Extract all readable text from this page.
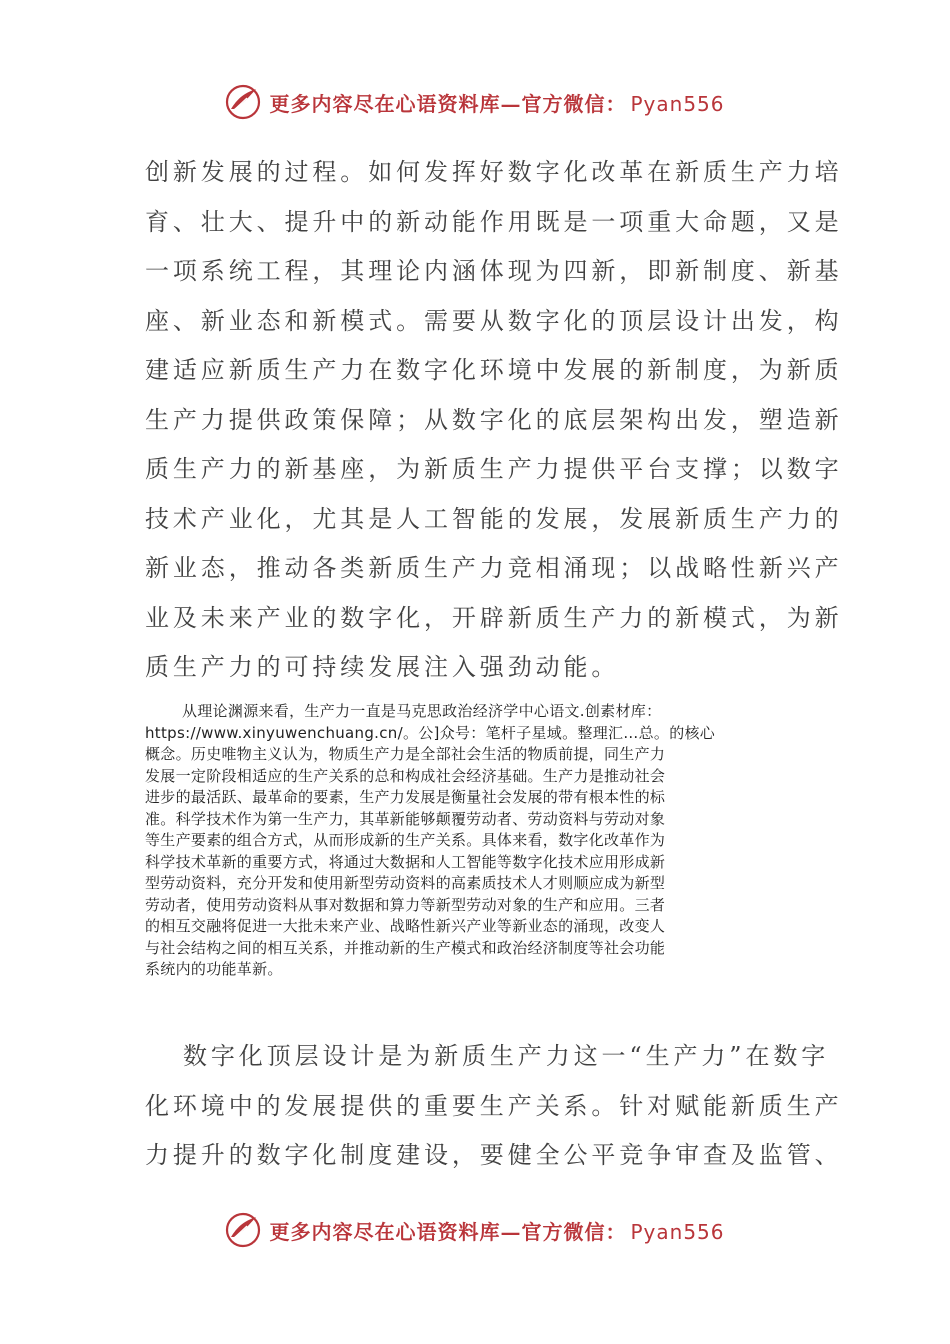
更多内容尽在心语资料库—官方微信： Pyan556
创新发展的过程。如何发挥好数字化改革在新质生产力培
育、壮大、提升中的新动能作用既是一项重大命题，又是
一项系统工程，其理论内涵体现为四新，即新制度、新基
座、新业态和新模式。需要从数字化的顶层设计出发，构
建适应新质生产力在数字化环境中发展的新制度，为新质
生产力提供政策保障；从数字化的底层架构出发，塑造新
质生产力的新基座，为新质生产力提供平台支撑；以数字
技术产业化，尤其是人工智能的发展，发展新质生产力的
新业态，推动各类新质生产力竞相涌现；以战略性新兴产
业及未来产业的数字化，开辟新质生产力的新模式，为新
质生产力的可持续发展注入强劲动能。
从理论渊源来看，生产力一直是马克思政治经济学中心语文.创素材库：
https://www.xinyuwenchuang.cn/。公]众号：笔杆子星域。整理汇…总。的核心
概念。历史唯物主义认为，物质生产力是全部社会生活的物质前提，同生产力
发展一定阶段相适应的生产关系的总和构成社会经济基础。生产力是推动社会
进步的最活跃、最革命的要素，生产力发展是衡量社会发展的带有根本性的标
准。科学技术作为第一生产力，其革新能够颠覆劳动者、劳动资料与劳动对象
等生产要素的组合方式，从而形成新的生产关系。具体来看，数字化改革作为
科学技术革新的重要方式，将通过大数据和人工智能等数字化技术应用形成新
型劳动资料，充分开发和使用新型劳动资料的高素质技术人才则顺应成为新型
劳动者，使用劳动资料从事对数据和算力等新型劳动对象的生产和应用。三者
的相互交融将促进一大批未来产业、战略性新兴产业等新业态的涌现，改变人
与社会结构之间的相互关系，并推动新的生产模式和政治经济制度等社会功能
系统内的功能革新。
数字化顶层设计是为新质生产力这一“生产力”在数字
化环境中的发展提供的重要生产关系。针对赋能新质生产
力提升的数字化制度建设，要健全公平竞争审查及监管、
更多内容尽在心语资料库—官方微信： Pyan556
